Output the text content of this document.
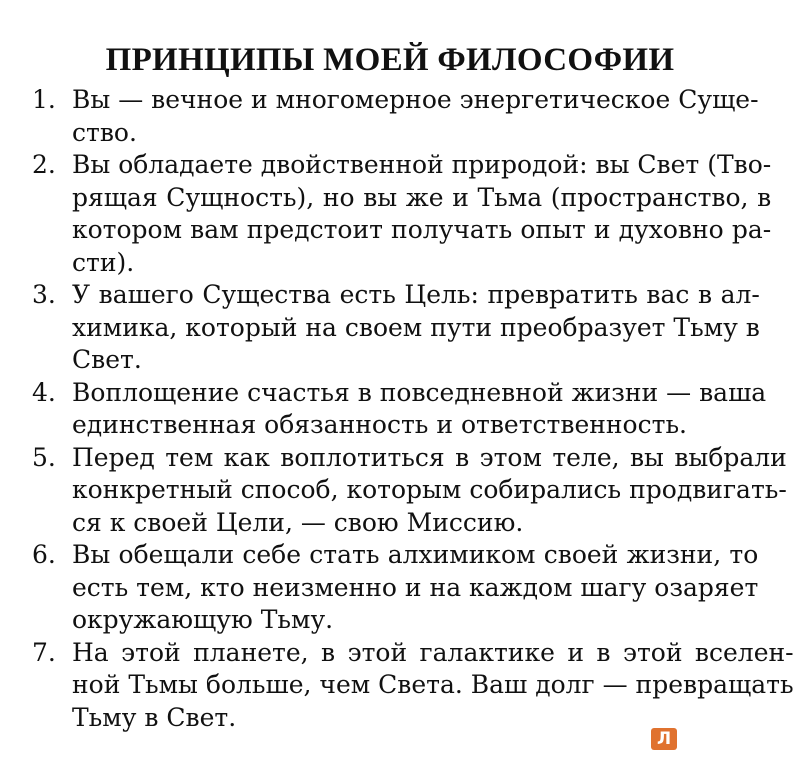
ПРИНЦИПЫ МОЕЙ ФИЛОСОФИИ
1. Вы — вечное и многомерное энергетическое Суще-
ство.
2. Вы обладаете двойственной природой: вы Свет (Тво-
рящая Сущность), но вы же и Тьма (пространство, в
котором вам предстоит получать опыт и духовно ра-
сти).
3. У вашего Существа есть Цель: превратить вас в ал-
химика, который на своем пути преобразует Тьму в
Свет.
4. Воплощение счастья в повседневной жизни — ваша
единственная обязанность и ответственность.
5. Перед тем как воплотиться в этом теле, вы выбрали
конкретный способ, которым собирались продвигать-
ся к своей Цели, — свою Миссию.
6. Вы обещали себе стать алхимиком своей жизни, то
есть тем, кто неизменно и на каждом шагу озаряет
окружающую Тьму.
7. На этой планете, в этой галактике и в этой вселен-
ной Тьмы больше, чем Света. Ваш долг — превращать
Тьму в Свет.
Л
